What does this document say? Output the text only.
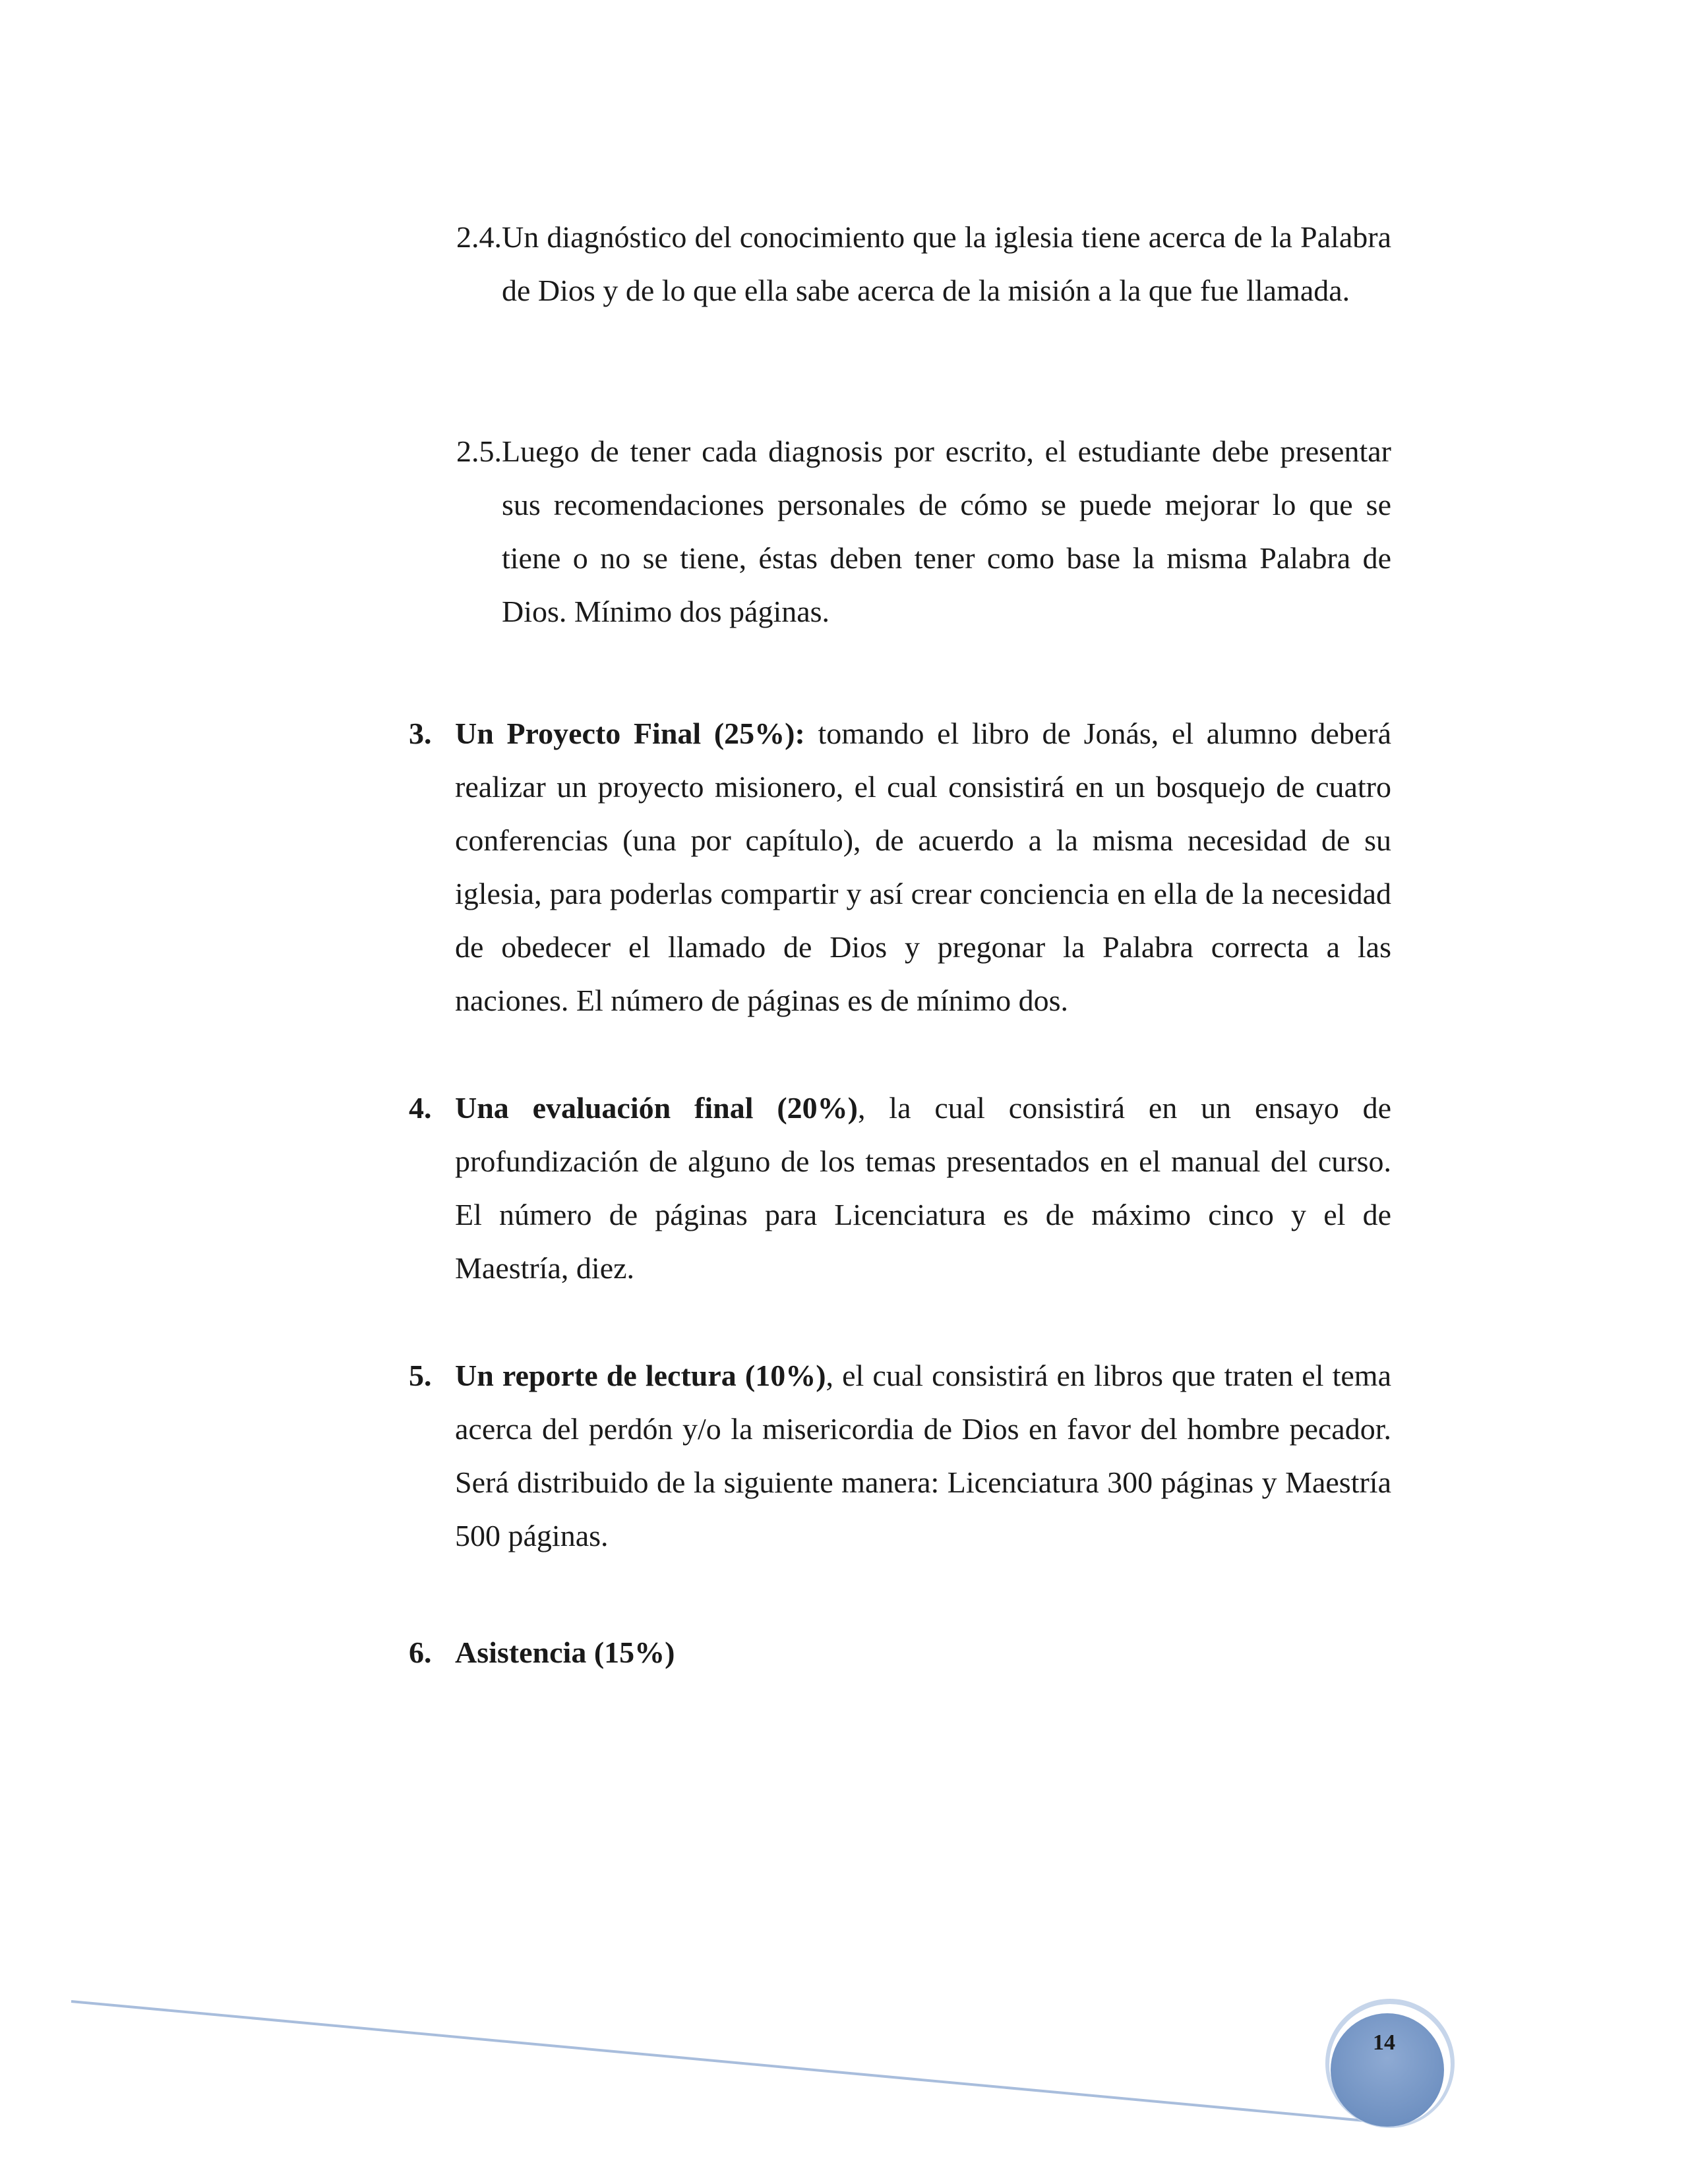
2.4.Un diagnóstico del conocimiento que la iglesia tiene acerca de la Palabra de Dios y de lo que ella sabe acerca de la misión a la que fue llamada.

2.5.Luego de tener cada diagnosis por escrito, el estudiante debe presentar sus recomendaciones personales de cómo se puede mejorar lo que se tiene o no se tiene, éstas deben tener como base la misma Palabra de Dios. Mínimo dos páginas.

3. Un Proyecto Final (25%): tomando el libro de Jonás, el alumno deberá realizar un proyecto misionero, el cual consistirá en un bosquejo de cuatro conferencias (una por capítulo), de acuerdo a la misma necesidad de su iglesia, para poderlas compartir y así crear conciencia en ella de la necesidad de obedecer el llamado de Dios y pregonar la Palabra correcta a las naciones. El número de páginas es de mínimo dos.

4. Una evaluación final (20%), la cual consistirá en un ensayo de profundización de alguno de los temas presentados en el manual del curso. El número de páginas para Licenciatura es de máximo cinco y el de Maestría, diez.

5. Un reporte de lectura (10%), el cual consistirá en libros que traten el tema acerca del perdón y/o la misericordia de Dios en favor del hombre pecador. Será distribuido de la siguiente manera: Licenciatura 300 páginas y Maestría 500 páginas.

6. Asistencia (15%)

14
